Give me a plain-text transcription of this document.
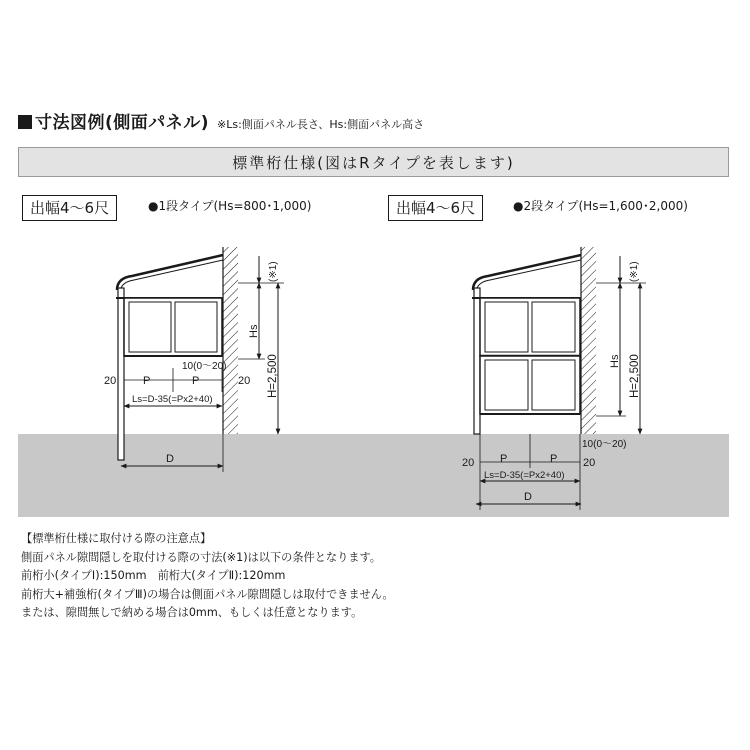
寸法図例(側面パネル) ※Ls:側面パネル長さ、Hs:側面パネル高さ
標準桁仕様(図はRタイプを表します)
出幅4〜6尺	●1段タイプ(Hs=800･1,000)	出幅4〜6尺	●2段タイプ(Hs=1,600･2,000)
20	20
P	P
10(0〜20)
Ls=D-35(=Px2+40)
D
Hs
H=2,500
(※1)
20	20
P	P
10(0〜20)
Ls=D-35(=Px2+40)
D
Hs H=2,500
(※1)
【標準桁仕様に取付ける際の注意点】
側面パネル隙間隠しを取付ける際の寸法(※1)は以下の条件となります。
前桁小(タイプⅠ):150mm　前桁大(タイプⅡ):120mm
前桁大+補強桁(タイプⅢ)の場合は側面パネル隙間隠しは取付できません。
または、隙間無しで納める場合は0mm、もしくは任意となります。
